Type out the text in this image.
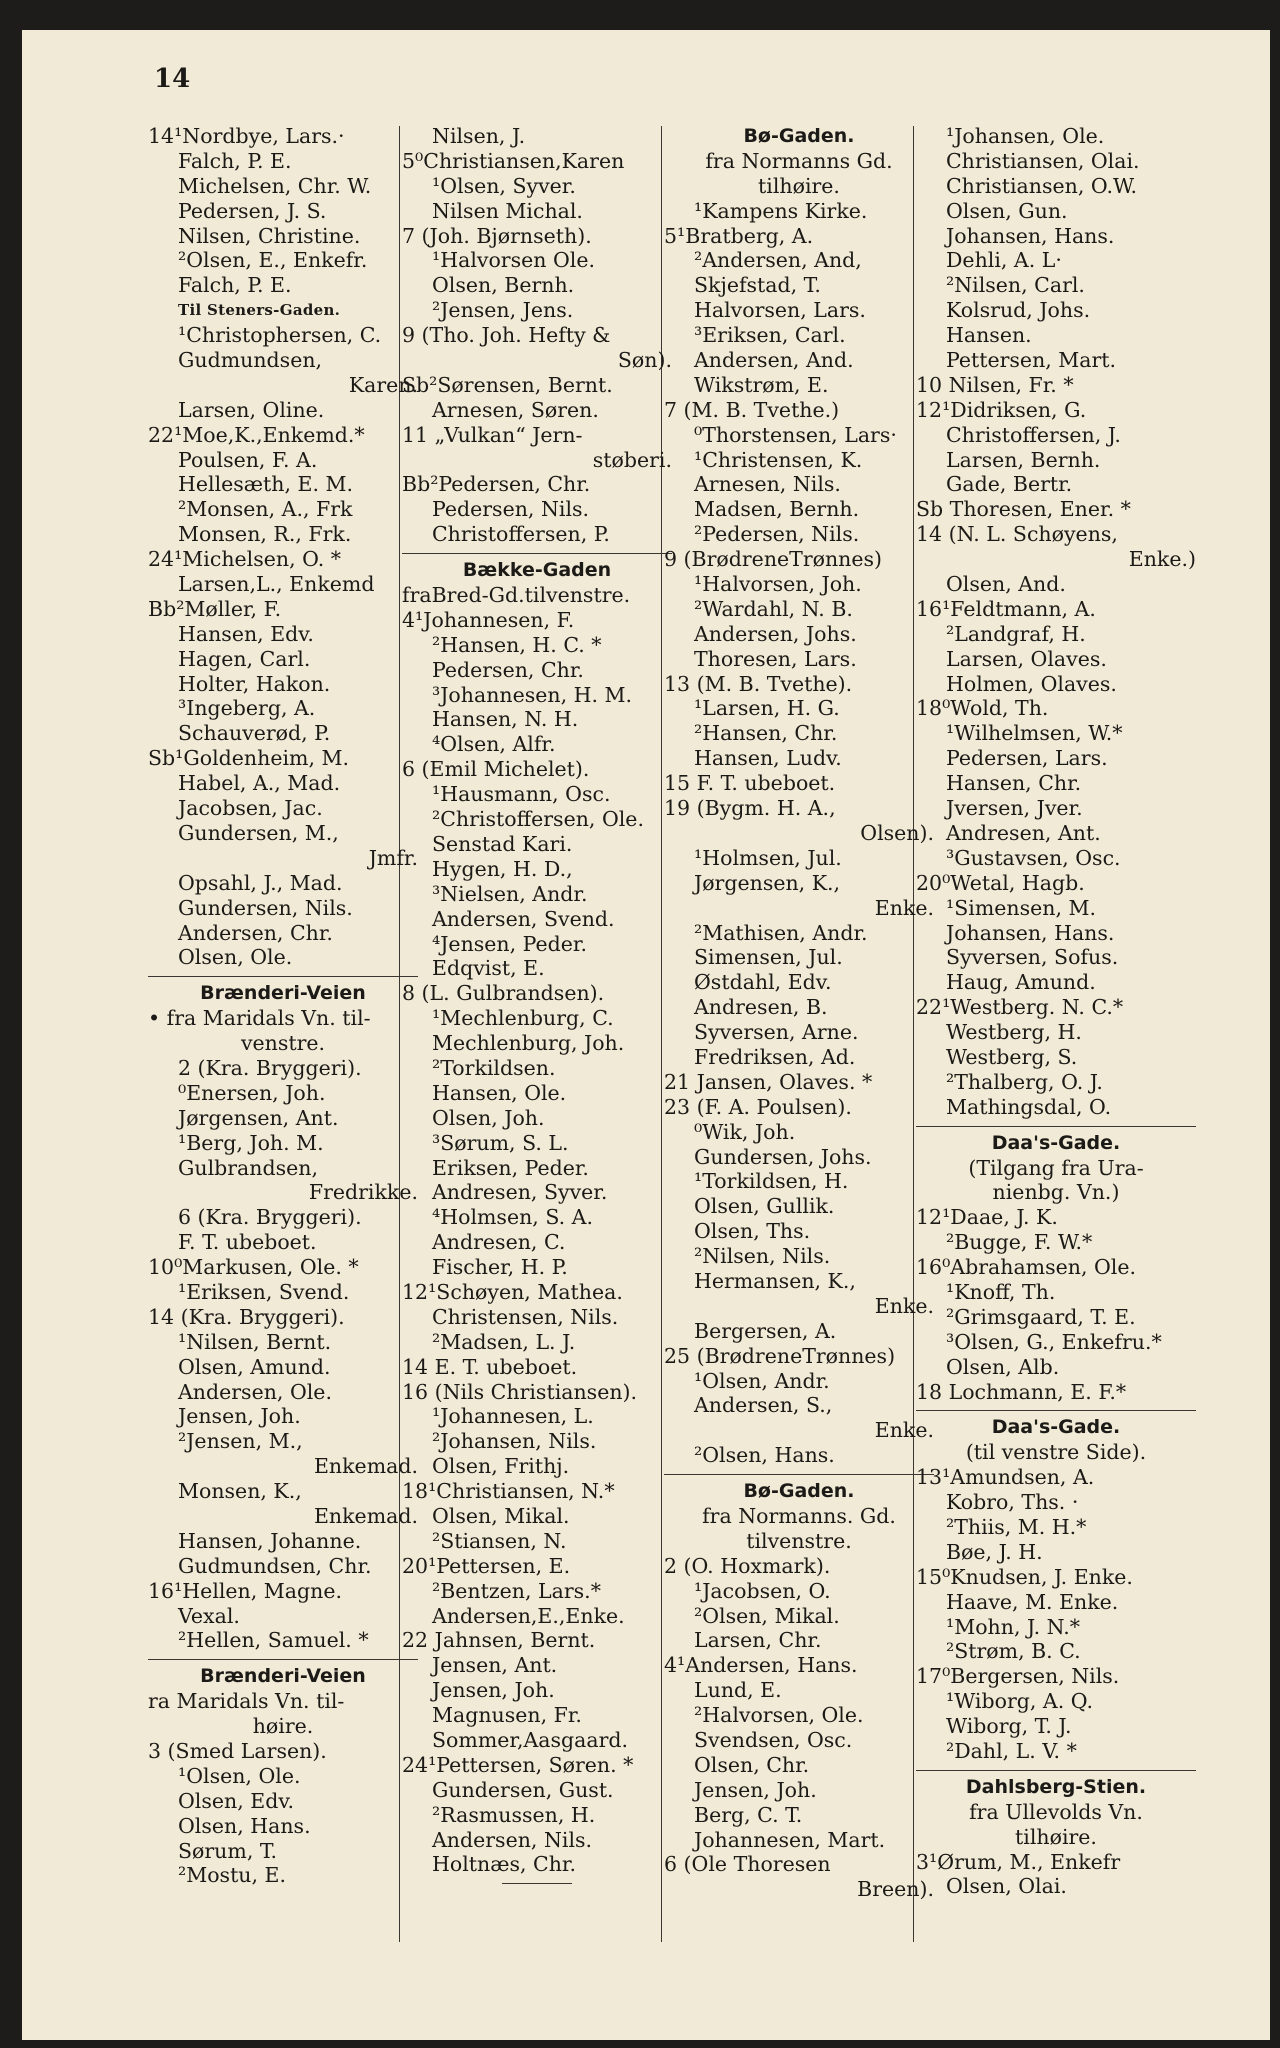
14
14¹Nordbye, Lars.·
Falch, P. E.
Michelsen, Chr. W.
Pedersen, J. S.
Nilsen, Christine.
²Olsen, E., Enkefr.
Falch, P. E.
Til Steners-Gaden.
¹Christophersen, C.
Gudmundsen,
Karen.
Larsen, Oline.
22¹Moe,K.,Enkemd.*
Poulsen, F. A.
Hellesæth, E. M.
²Monsen, A., Frk
Monsen, R., Frk.
24¹Michelsen, O. *
Larsen,L., Enkemd
Bb²Møller, F.
Hansen, Edv.
Hagen, Carl.
Holter, Hakon.
³Ingeberg, A.
Schauverød, P.
Sb¹Goldenheim, M.
Habel, A., Mad.
Jacobsen, Jac.
Gundersen, M.,
Jmfr.
Opsahl, J., Mad.
Gundersen, Nils.
Andersen, Chr.
Olsen, Ole.
Brænderi-Veien
• fra Maridals Vn. til-
venstre.
2 (Kra. Bryggeri).
⁰Enersen, Joh.
Jørgensen, Ant.
¹Berg, Joh. M.
Gulbrandsen,
Fredrikke.
6 (Kra. Bryggeri).
F. T. ubeboet.
10⁰Markusen, Ole. *
¹Eriksen, Svend.
14 (Kra. Bryggeri).
¹Nilsen, Bernt.
Olsen, Amund.
Andersen, Ole.
Jensen, Joh.
²Jensen, M.,
Enkemad.
Monsen, K.,
Enkemad.
Hansen, Johanne.
Gudmundsen, Chr.
16¹Hellen, Magne.
Vexal.
²Hellen, Samuel. *
Brænderi-Veien
ra Maridals Vn. til-
høire.
3 (Smed Larsen).
¹Olsen, Ole.
Olsen, Edv.
Olsen, Hans.
Sørum, T.
²Mostu, E.
Nilsen, J.
5⁰Christiansen,Karen
¹Olsen, Syver.
Nilsen Michal.
7 (Joh. Bjørnseth).
¹Halvorsen Ole.
Olsen, Bernh.
²Jensen, Jens.
9 (Tho. Joh. Hefty &
Søn).
Sb²Sørensen, Bernt.
Arnesen, Søren.
11 „Vulkan“ Jern-
støberi.
Bb²Pedersen, Chr.
Pedersen, Nils.
Christoffersen, P.
Bække-Gaden
fraBred-Gd.tilvenstre.
4¹Johannesen, F.
²Hansen, H. C. *
Pedersen, Chr.
³Johannesen, H. M.
Hansen, N. H.
⁴Olsen, Alfr.
6 (Emil Michelet).
¹Hausmann, Osc.
²Christoffersen, Ole.
Senstad Kari.
Hygen, H. D.,
³Nielsen, Andr.
Andersen, Svend.
⁴Jensen, Peder.
Edqvist, E.
8 (L. Gulbrandsen).
¹Mechlenburg, C.
Mechlenburg, Joh.
²Torkildsen.
Hansen, Ole.
Olsen, Joh.
³Sørum, S. L.
Eriksen, Peder.
Andresen, Syver.
⁴Holmsen, S. A.
Andresen, C.
Fischer, H. P.
12¹Schøyen, Mathea.
Christensen, Nils.
²Madsen, L. J.
14 E. T. ubeboet.
16 (Nils Christiansen).
¹Johannesen, L.
²Johansen, Nils.
Olsen, Frithj.
18¹Christiansen, N.*
Olsen, Mikal.
²Stiansen, N.
20¹Pettersen, E.
²Bentzen, Lars.*
Andersen,E.,Enke.
22 Jahnsen, Bernt.
Jensen, Ant.
Jensen, Joh.
Magnusen, Fr.
Sommer,Aasgaard.
24¹Pettersen, Søren. *
Gundersen, Gust.
²Rasmussen, H.
Andersen, Nils.
Holtnæs, Chr.
Bø-Gaden.
fra Normanns Gd.
tilhøire.
¹Kampens Kirke.
5¹Bratberg, A.
²Andersen, And,
Skjefstad, T.
Halvorsen, Lars.
³Eriksen, Carl.
Andersen, And.
Wikstrøm, E.
7 (M. B. Tvethe.)
⁰Thorstensen, Lars·
¹Christensen, K.
Arnesen, Nils.
Madsen, Bernh.
²Pedersen, Nils.
9 (BrødreneTrønnes)
¹Halvorsen, Joh.
²Wardahl, N. B.
Andersen, Johs.
Thoresen, Lars.
13 (M. B. Tvethe).
¹Larsen, H. G.
²Hansen, Chr.
Hansen, Ludv.
15 F. T. ubeboet.
19 (Bygm. H. A.,
Olsen).
¹Holmsen, Jul.
Jørgensen, K.,
Enke.
²Mathisen, Andr.
Simensen, Jul.
Østdahl, Edv.
Andresen, B.
Syversen, Arne.
Fredriksen, Ad.
21 Jansen, Olaves. *
23 (F. A. Poulsen).
⁰Wik, Joh.
Gundersen, Johs.
¹Torkildsen, H.
Olsen, Gullik.
Olsen, Ths.
²Nilsen, Nils.
Hermansen, K.,
Enke.
Bergersen, A.
25 (BrødreneTrønnes)
¹Olsen, Andr.
Andersen, S.,
Enke.
²Olsen, Hans.
Bø-Gaden.
fra Normanns. Gd.
tilvenstre.
2 (O. Hoxmark).
¹Jacobsen, O.
²Olsen, Mikal.
Larsen, Chr.
4¹Andersen, Hans.
Lund, E.
²Halvorsen, Ole.
Svendsen, Osc.
Olsen, Chr.
Jensen, Joh.
Berg, C. T.
Johannesen, Mart.
6 (Ole Thoresen
Breen).
¹Johansen, Ole.
Christiansen, Olai.
Christiansen, O.W.
Olsen, Gun.
Johansen, Hans.
Dehli, A. L·
²Nilsen, Carl.
Kolsrud, Johs.
Hansen.
Pettersen, Mart.
10 Nilsen, Fr. *
12¹Didriksen, G.
Christoffersen, J.
Larsen, Bernh.
Gade, Bertr.
Sb Thoresen, Ener. *
14 (N. L. Schøyens,
Enke.)
Olsen, And.
16¹Feldtmann, A.
²Landgraf, H.
Larsen, Olaves.
Holmen, Olaves.
18⁰Wold, Th.
¹Wilhelmsen, W.*
Pedersen, Lars.
Hansen, Chr.
Jversen, Jver.
Andresen, Ant.
³Gustavsen, Osc.
20⁰Wetal, Hagb.
¹Simensen, M.
Johansen, Hans.
Syversen, Sofus.
Haug, Amund.
22¹Westberg. N. C.*
Westberg, H.
Westberg, S.
²Thalberg, O. J.
Mathingsdal, O.
Daa's-Gade.
(Tilgang fra Ura-
nienbg. Vn.)
12¹Daae, J. K.
²Bugge, F. W.*
16⁰Abrahamsen, Ole.
¹Knoff, Th.
²Grimsgaard, T. E.
³Olsen, G., Enkefru.*
Olsen, Alb.
18 Lochmann, E. F.*
Daa's-Gade.
(til venstre Side).
13¹Amundsen, A.
Kobro, Ths. ·
²Thiis, M. H.*
Bøe, J. H.
15⁰Knudsen, J. Enke.
Haave, M. Enke.
¹Mohn, J. N.*
²Strøm, B. C.
17⁰Bergersen, Nils.
¹Wiborg, A. Q.
Wiborg, T. J.
²Dahl, L. V. *
Dahlsberg-Stien.
fra Ullevolds Vn.
tilhøire.
3¹Ørum, M., Enkefr
Olsen, Olai.
